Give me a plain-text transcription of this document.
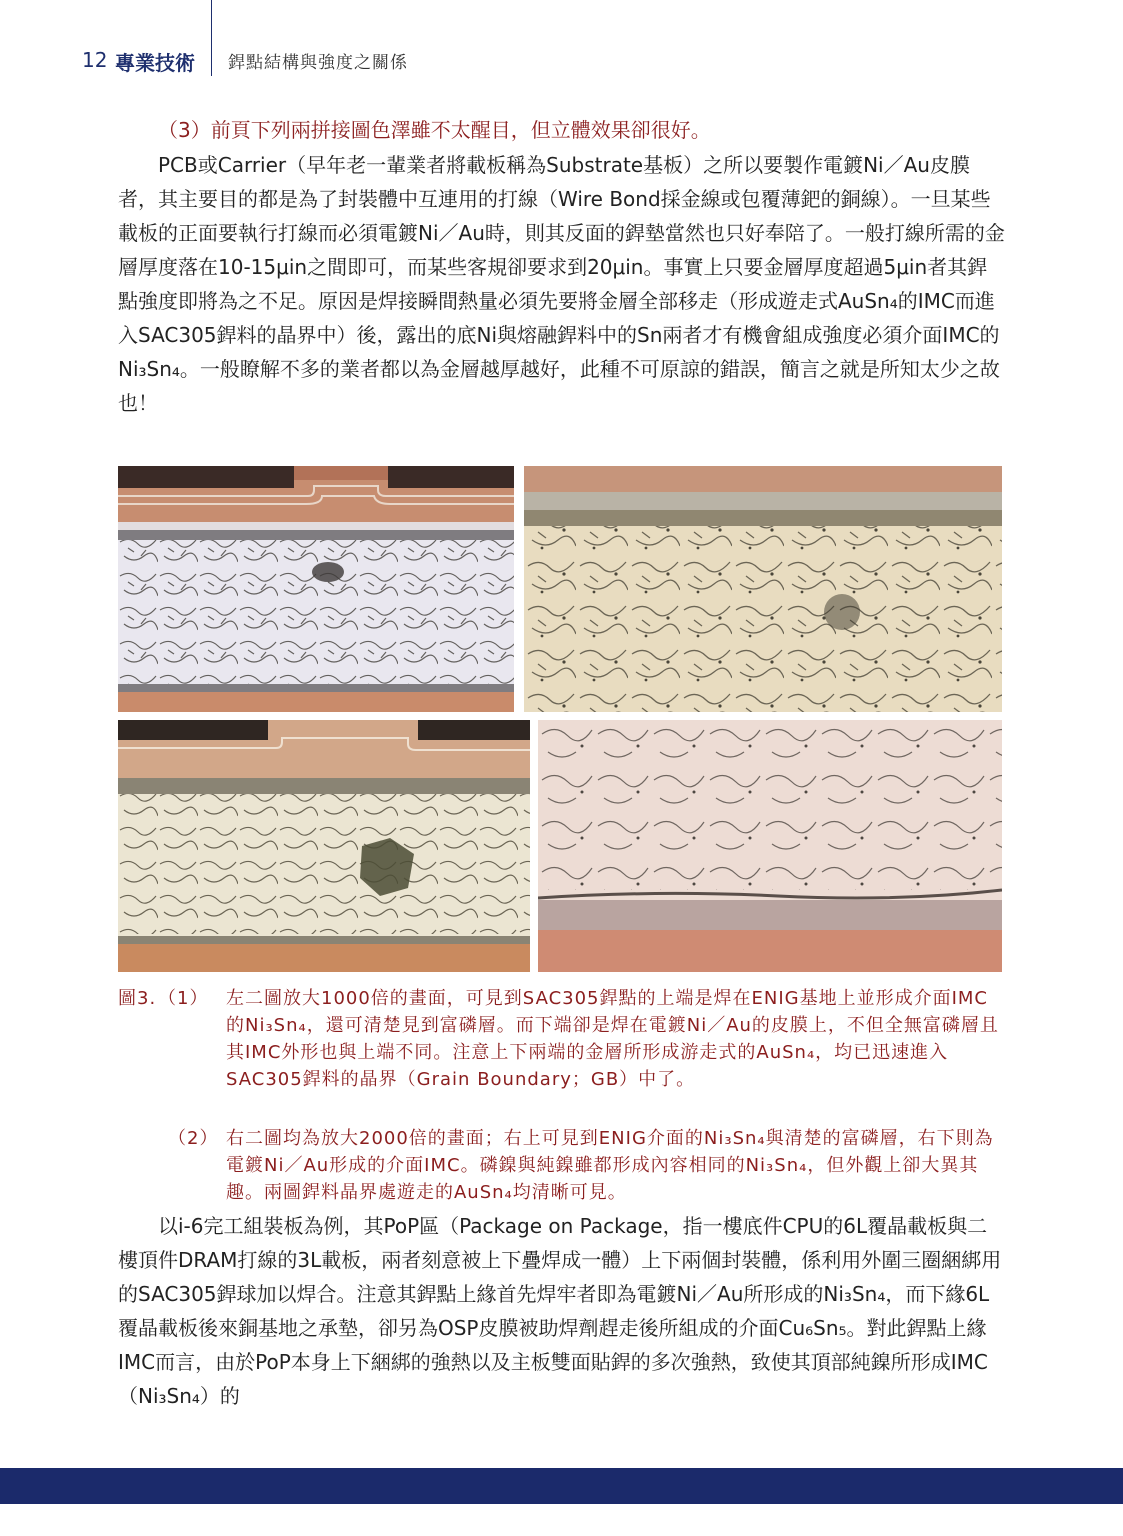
12 專業技術 銲點結構與強度之關係

（3）前頁下列兩拼接圖色澤雖不太醒目，但立體效果卻很好。

PCB或Carrier（早年老一輩業者將載板稱為Substrate基板）之所以要製作電鍍Ni／Au皮膜者，其主要目的都是為了封裝體中互連用的打線（Wire Bond採金線或包覆薄鈀的銅線）。一旦某些載板的正面要執行打線而必須電鍍Ni／Au時，則其反面的銲墊當然也只好奉陪了。一般打線所需的金層厚度落在10-15μin之間即可，而某些客規卻要求到20μin。事實上只要金層厚度超過5μin者其銲點強度即將為之不足。原因是焊接瞬間熱量必須先要將金層全部移走（形成遊走式AuSn₄的IMC而進入SAC305銲料的晶界中）後，露出的底Ni與熔融銲料中的Sn兩者才有機會組成強度必須介面IMC的Ni₃Sn₄。一般瞭解不多的業者都以為金層越厚越好，此種不可原諒的錯誤，簡言之就是所知太少之故也！

圖3. （1） 左二圖放大1000倍的畫面，可見到SAC305銲點的上端是焊在ENIG基地上並形成介面IMC的Ni₃Sn₄，還可清楚見到富磷層。而下端卻是焊在電鍍Ni／Au的皮膜上，不但全無富磷層且其IMC外形也與上端不同。注意上下兩端的金層所形成游走式的AuSn₄，均已迅速進入SAC305銲料的晶界（Grain Boundary；GB）中了。
（2） 右二圖均為放大2000倍的畫面；右上可見到ENIG介面的Ni₃Sn₄與清楚的富磷層，右下則為電鍍Ni／Au形成的介面IMC。磷鎳與純鎳雖都形成內容相同的Ni₃Sn₄，但外觀上卻大異其趣。兩圖銲料晶界處遊走的AuSn₄均清晰可見。

以i-6完工組裝板為例，其PoP區（Package on Package，指一樓底件CPU的6L覆晶載板與二樓頂件DRAM打線的3L載板，兩者刻意被上下疊焊成一體）上下兩個封裝體，係利用外圍三圈綑綁用的SAC305銲球加以焊合。注意其銲點上緣首先焊牢者即為電鍍Ni／Au所形成的Ni₃Sn₄，而下緣6L覆晶載板後來銅基地之承墊，卻另為OSP皮膜被助焊劑趕走後所組成的介面Cu₆Sn₅。對此銲點上緣IMC而言，由於PoP本身上下綑綁的強熱以及主板雙面貼銲的多次強熱，致使其頂部純鎳所形成IMC（Ni₃Sn₄）的
